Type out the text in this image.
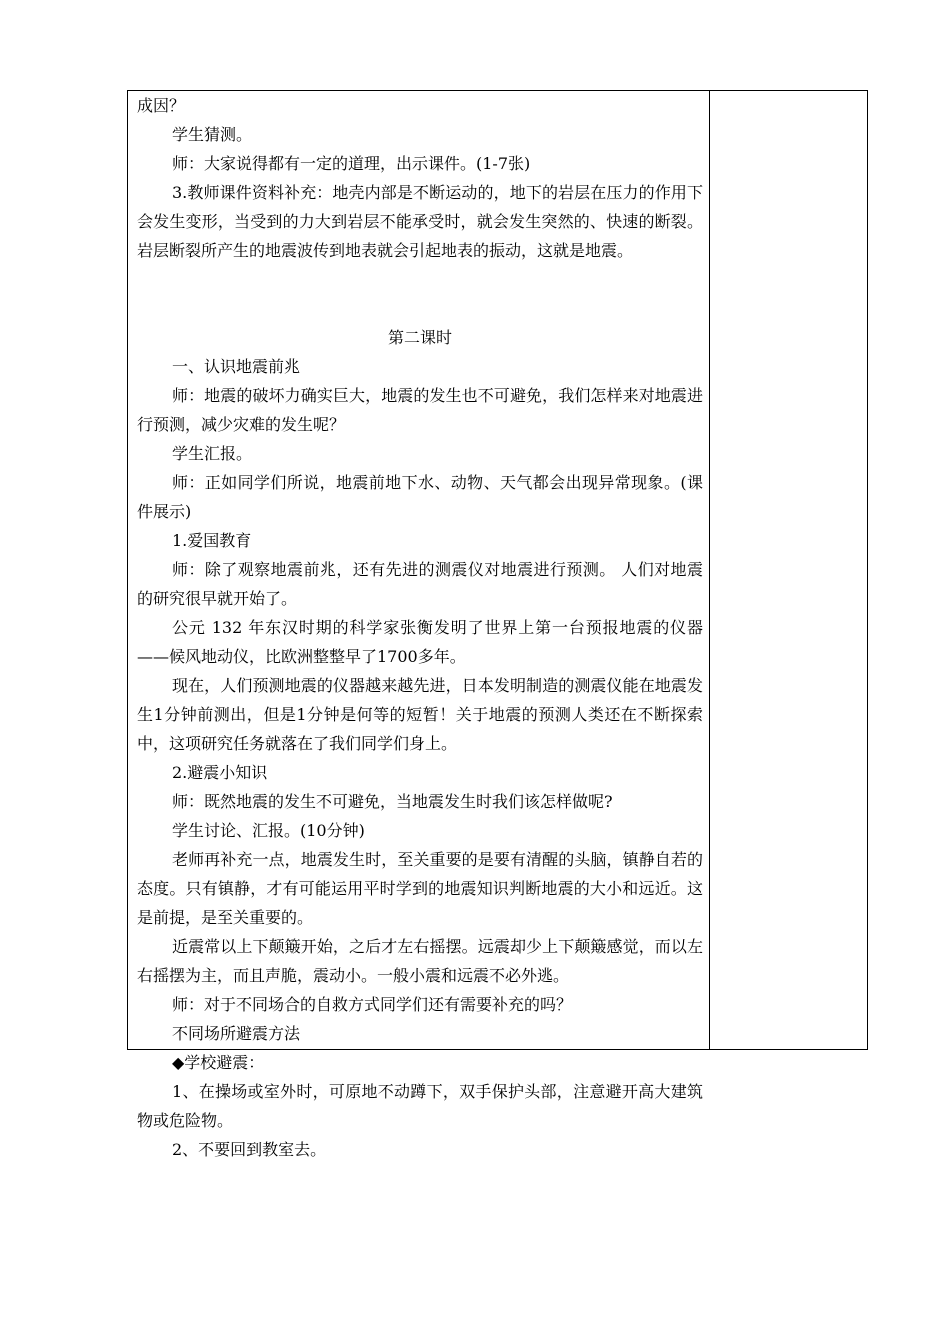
成因？

学生猜测。

师：大家说得都有一定的道理，出示课件。(1-7张)

3.教师课件资料补充：地壳内部是不断运动的，地下的岩层在压力的作用下会发生变形，当受到的力大到岩层不能承受时，就会发生突然的、快速的断裂。岩层断裂所产生的地震波传到地表就会引起地表的振动，这就是地震。

第二课时

一、认识地震前兆

师：地震的破坏力确实巨大，地震的发生也不可避免，我们怎样来对地震进行预测，减少灾难的发生呢？

学生汇报。

师：正如同学们所说，地震前地下水、动物、天气都会出现异常现象。(课件展示)

1.爱国教育

师：除了观察地震前兆，还有先进的测震仪对地震进行预测。 人们对地震的研究很早就开始了。

公元 132 年东汉时期的科学家张衡发明了世界上第一台预报地震的仪器——候风地动仪，比欧洲整整早了1700多年。

现在，人们预测地震的仪器越来越先进，日本发明制造的测震仪能在地震发生1分钟前测出，但是1分钟是何等的短暂！关于地震的预测人类还在不断探索中，这项研究任务就落在了我们同学们身上。

2.避震小知识

师：既然地震的发生不可避免，当地震发生时我们该怎样做呢?

学生讨论、汇报。(10分钟)

老师再补充一点，地震发生时，至关重要的是要有清醒的头脑，镇静自若的态度。只有镇静，才有可能运用平时学到的地震知识判断地震的大小和远近。这是前提，是至关重要的。

近震常以上下颠簸开始，之后才左右摇摆。远震却少上下颠簸感觉，而以左右摇摆为主，而且声脆，震动小。一般小震和远震不必外逃。

师：对于不同场合的自救方式同学们还有需要补充的吗？

不同场所避震方法

◆学校避震：

1、在操场或室外时，可原地不动蹲下，双手保护头部，注意避开高大建筑物或危险物。

2、不要回到教室去。
